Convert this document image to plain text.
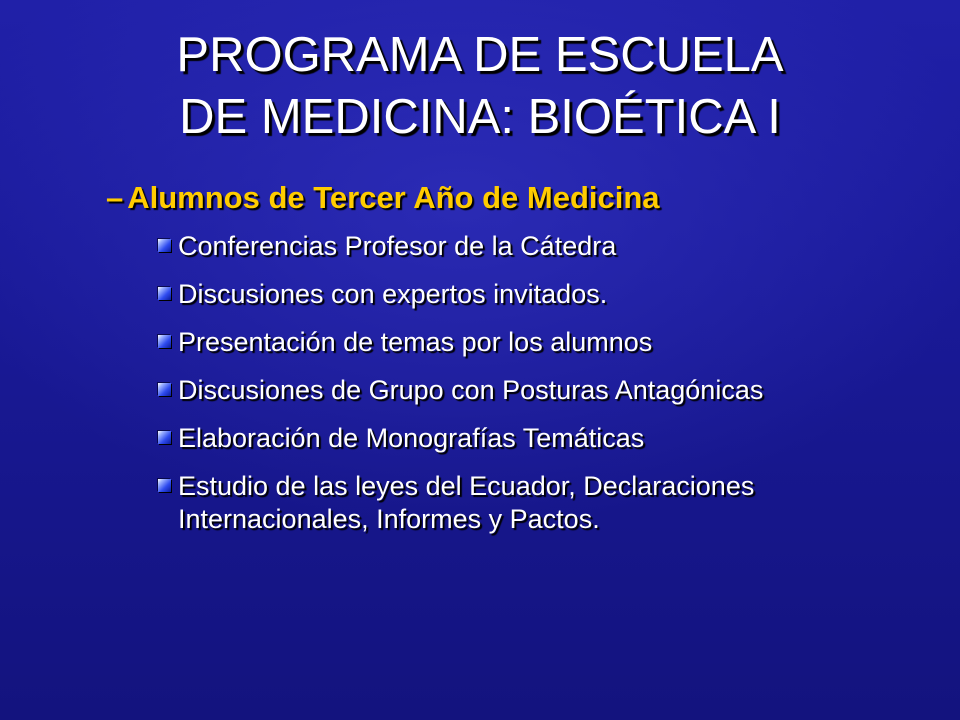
PROGRAMA DE ESCUELA
DE MEDICINA: BIOÉTICA I
– Alumnos de Tercer Año de Medicina
Conferencias Profesor de la Cátedra
Discusiones con expertos invitados.
Presentación de temas por los alumnos
Discusiones de Grupo con Posturas Antagónicas
Elaboración de Monografías Temáticas
Estudio de las leyes del Ecuador, Declaraciones Internacionales, Informes y Pactos.
